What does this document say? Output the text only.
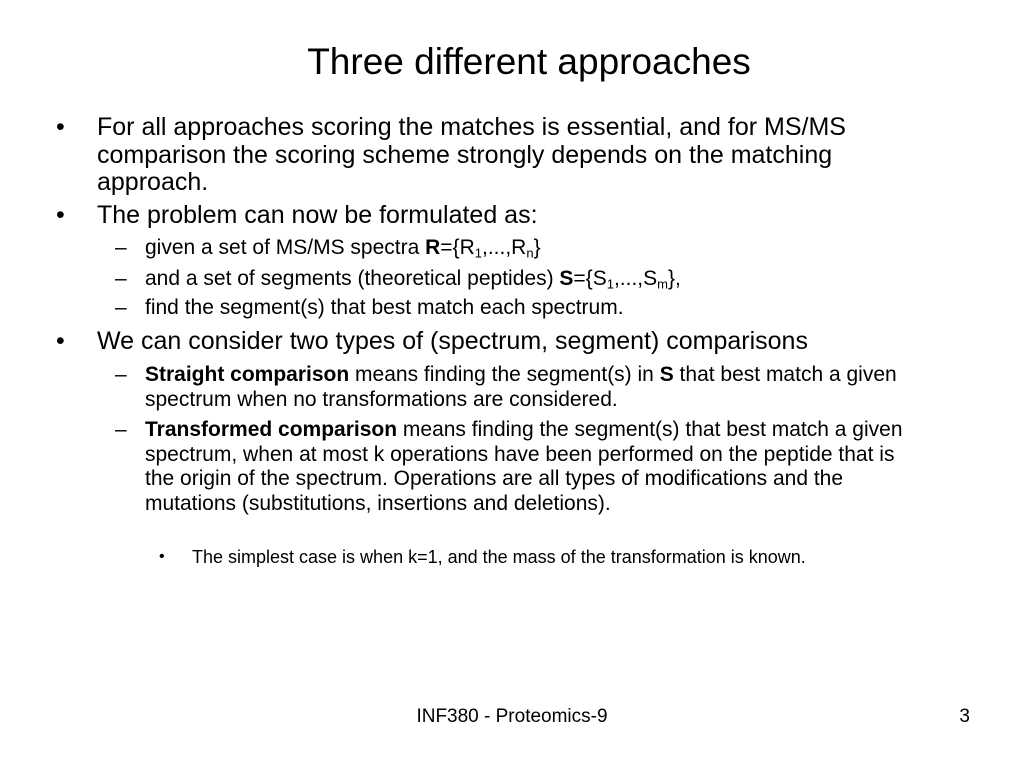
Three different approaches
• For all approaches scoring the matches is essential, and for MS/MS comparison the scoring scheme strongly depends on the matching approach.
• The problem can now be formulated as:
– given a set of MS/MS spectra $R=\{R_1,...,R_n\}$
– and a set of segments (theoretical peptides) $S=\{S_1,...,S_m\}$,
– find the segment(s) that best match each spectrum.
• We can consider two types of (spectrum, segment) comparisons
– Straight comparison means finding the segment(s) in S that best match a given spectrum when no transformations are considered.
– Transformed comparison means finding the segment(s) that best match a given spectrum, when at most k operations have been performed on the peptide that is the origin of the spectrum. Operations are all types of modifications and the mutations (substitutions, insertions and deletions).
• The simplest case is when k=1, and the mass of the transformation is known.
INF380 - Proteomics-9	3
